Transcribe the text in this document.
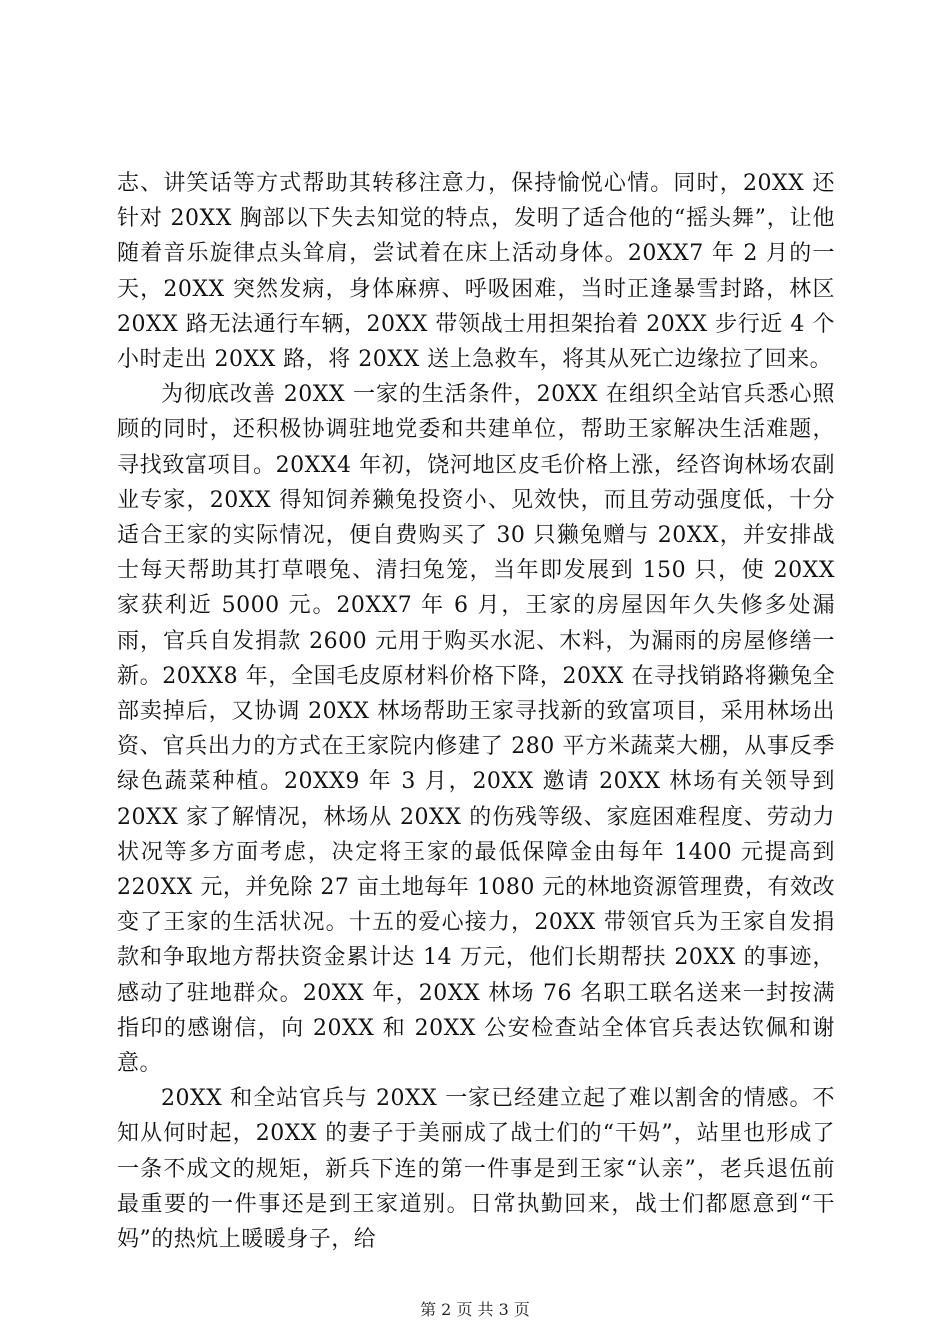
志、讲笑话等方式帮助其转移注意力，保持愉悦心情。同时，20XX 还针对 20XX 胸部以下失去知觉的特点，发明了适合他的“摇头舞”，让他随着音乐旋律点头耸肩，尝试着在床上活动身体。20XX7 年 2 月的一天，20XX 突然发病，身体麻痹、呼吸困难，当时正逢暴雪封路，林区 20XX 路无法通行车辆，20XX 带领战士用担架抬着 20XX 步行近 4 个小时走出 20XX 路，将 20XX 送上急救车，将其从死亡边缘拉了回来。

为彻底改善 20XX 一家的生活条件，20XX 在组织全站官兵悉心照顾的同时，还积极协调驻地党委和共建单位，帮助王家解决生活难题，寻找致富项目。20XX4 年初，饶河地区皮毛价格上涨，经咨询林场农副业专家，20XX 得知饲养獭兔投资小、见效快，而且劳动强度低，十分适合王家的实际情况，便自费购买了 30 只獭兔赠与 20XX，并安排战士每天帮助其打草喂兔、清扫兔笼，当年即发展到 150 只，使 20XX 家获利近 5000 元。20XX7 年 6 月，王家的房屋因年久失修多处漏雨，官兵自发捐款 2600 元用于购买水泥、木料，为漏雨的房屋修缮一新。20XX8 年，全国毛皮原材料价格下降，20XX 在寻找销路将獭兔全部卖掉后，又协调 20XX 林场帮助王家寻找新的致富项目，采用林场出资、官兵出力的方式在王家院内修建了 280 平方米蔬菜大棚，从事反季绿色蔬菜种植。20XX9 年 3 月，20XX 邀请 20XX 林场有关领导到 20XX 家了解情况，林场从 20XX 的伤残等级、家庭困难程度、劳动力状况等多方面考虑，决定将王家的最低保障金由每年 1400 元提高到 220XX 元，并免除 27 亩土地每年 1080 元的林地资源管理费，有效改变了王家的生活状况。十五的爱心接力，20XX 带领官兵为王家自发捐款和争取地方帮扶资金累计达 14 万元，他们长期帮扶 20XX 的事迹，感动了驻地群众。20XX 年，20XX 林场 76 名职工联名送来一封按满指印的感谢信，向 20XX 和 20XX 公安检查站全体官兵表达钦佩和谢意。

20XX 和全站官兵与 20XX 一家已经建立起了难以割舍的情感。不知从何时起，20XX 的妻子于美丽成了战士们的“干妈”，站里也形成了一条不成文的规矩，新兵下连的第一件事是到王家“认亲”，老兵退伍前最重要的一件事还是到王家道别。日常执勤回来，战士们都愿意到“干妈”的热炕上暖暖身子，给

第 2 页 共 3 页
